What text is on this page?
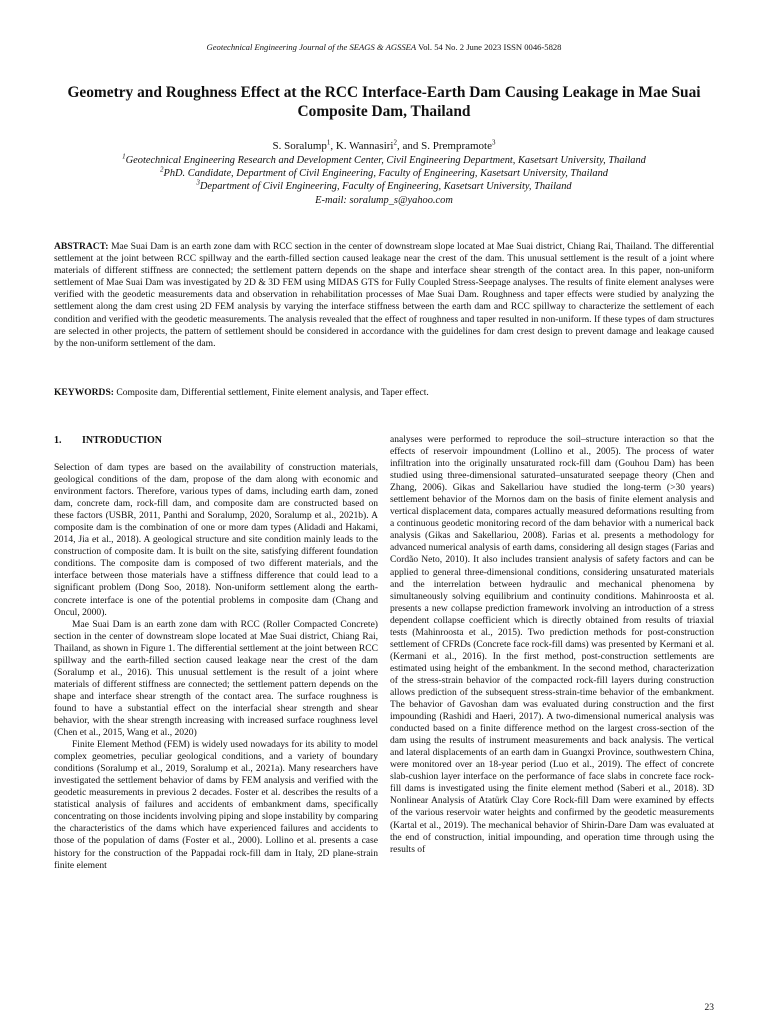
Geotechnical Engineering Journal of the SEAGS & AGSSEA Vol. 54 No. 2 June 2023 ISSN 0046-5828
Geometry and Roughness Effect at the RCC Interface-Earth Dam Causing Leakage in Mae Suai Composite Dam, Thailand
S. Soralump$^1$, K. Wannasiri$^2$, and S. Prempramote$^3$
$^1$Geotechnical Engineering Research and Development Center, Civil Engineering Department, Kasetsart University, Thailand
$^2$PhD. Candidate, Department of Civil Engineering, Faculty of Engineering, Kasetsart University, Thailand
$^3$Department of Civil Engineering, Faculty of Engineering, Kasetsart University, Thailand
E-mail: soralump_s@yahoo.com
ABSTRACT: Mae Suai Dam is an earth zone dam with RCC section in the center of downstream slope located at Mae Suai district, Chiang Rai, Thailand. The differential settlement at the joint between RCC spillway and the earth-filled section caused leakage near the crest of the dam. This unusual settlement is the result of a joint where materials of different stiffness are connected; the settlement pattern depends on the shape and interface shear strength of the contact area. In this paper, non-uniform settlement of Mae Suai Dam was investigated by 2D & 3D FEM using MIDAS GTS for Fully Coupled Stress-Seepage analyses. The results of finite element analyses were verified with the geodetic measurements data and observation in rehabilitation processes of Mae Suai Dam. Roughness and taper effects were studied by analyzing the settlement along the dam crest using 2D FEM analysis by varying the interface stiffness between the earth dam and RCC spillway to characterize the settlement of each condition and verified with the geodetic measurements. The analysis revealed that the effect of roughness and taper resulted in non-uniform. If these types of dam structures are selected in other projects, the pattern of settlement should be considered in accordance with the guidelines for dam crest design to prevent damage and leakage caused by the non-uniform settlement of the dam.
KEYWORDS: Composite dam, Differential settlement, Finite element analysis, and Taper effect.
1. INTRODUCTION

Selection of dam types are based on the availability of construction materials, geological conditions of the dam, propose of the dam along with economic and environment factors. Therefore, various types of dams, including earth dam, zoned dam, concrete dam, rock-fill dam, and composite dam are constructed based on these factors (USBR, 2011, Panthi and Soralump, 2020, Soralump et al., 2021b). A composite dam is the combination of one or more dam types (Alidadi and Hakami, 2014, Jia et al., 2018). A geological structure and site condition mainly leads to the construction of composite dam. It is built on the site, satisfying different foundation conditions. The composite dam is composed of two different materials, and the interface between those materials have a stiffness difference that could lead to a significant problem (Dong Soo, 2018). Non-uniform settlement along the earth-concrete interface is one of the potential problems in composite dam (Chang and Oncul, 2000).

Mae Suai Dam is an earth zone dam with RCC (Roller Compacted Concrete) section in the center of downstream slope located at Mae Suai district, Chiang Rai, Thailand, as shown in Figure 1. The differential settlement at the joint between RCC spillway and the earth-filled section caused leakage near the crest of the dam (Soralump et al., 2016). This unusual settlement is the result of a joint where materials of different stiffness are connected; the settlement pattern depends on the shape and interface shear strength of the contact area. The surface roughness is found to have a substantial effect on the interfacial shear strength and shear behavior, with the shear strength increasing with increased surface roughness level (Chen et al., 2015, Wang et al., 2020)

Finite Element Method (FEM) is widely used nowadays for its ability to model complex geometries, peculiar geological conditions, and a variety of boundary conditions (Soralump et al., 2019, Soralump et al., 2021a). Many researchers have investigated the settlement behavior of dams by FEM analysis and verified with the geodetic measurements in previous 2 decades. Foster et al. describes the results of a statistical analysis of failures and accidents of embankment dams, specifically concentrating on those incidents involving piping and slope instability by comparing the characteristics of the dams which have experienced failures and accidents to those of the population of dams (Foster et al., 2000). Lollino et al. presents a case history for the construction of the Pappadai rock-fill dam in Italy, 2D plane-strain finite element

analyses were performed to reproduce the soil–structure interaction so that the effects of reservoir impoundment (Lollino et al., 2005). The process of water infiltration into the originally unsaturated rock-fill dam (Gouhou Dam) has been studied using three-dimensional saturated–unsaturated seepage theory (Chen and Zhang, 2006). Gikas and Sakellariou have studied the long-term (>30 years) settlement behavior of the Mornos dam on the basis of finite element analysis and vertical displacement data, compares actually measured deformations resulting from a continuous geodetic monitoring record of the dam behavior with a numerical back analysis (Gikas and Sakellariou, 2008). Farias et al. presents a methodology for advanced numerical analysis of earth dams, considering all design stages (Farias and Cordão Neto, 2010). It also includes transient analysis of safety factors and can be applied to general three-dimensional conditions, considering unsaturated materials and the interrelation between hydraulic and mechanical phenomena by simultaneously solving equilibrium and continuity conditions. Mahinroosta et al. presents a new collapse prediction framework involving an introduction of a stress dependent collapse coefficient which is directly obtained from results of triaxial tests (Mahinroosta et al., 2015). Two prediction methods for post-construction settlement of CFRDs (Concrete face rock-fill dams) was presented by Kermani et al. (Kermani et al., 2016). In the first method, post-construction settlements are estimated using height of the embankment. In the second method, characterization of the stress-strain behavior of the compacted rock-fill layers during construction allows prediction of the subsequent stress-strain-time behavior of the embankment. The behavior of Gavoshan dam was evaluated during construction and the first impounding (Rashidi and Haeri, 2017). A two-dimensional numerical analysis was conducted based on a finite difference method on the largest cross-section of the dam using the results of instrument measurements and back analysis. The vertical and lateral displacements of an earth dam in Guangxi Province, southwestern China, were monitored over an 18-year period (Luo et al., 2019). The effect of concrete slab-cushion layer interface on the performance of face slabs in concrete face rock-fill dams is investigated using the finite element method (Saberi et al., 2018). 3D Nonlinear Analysis of Atatürk Clay Core Rock-fill Dam were examined by effects of the various reservoir water heights and confirmed by the geodetic measurements (Kartal et al., 2019). The mechanical behavior of Shirin-Dare Dam was evaluated at the end of construction, initial impounding, and operation time through using the results of

23
